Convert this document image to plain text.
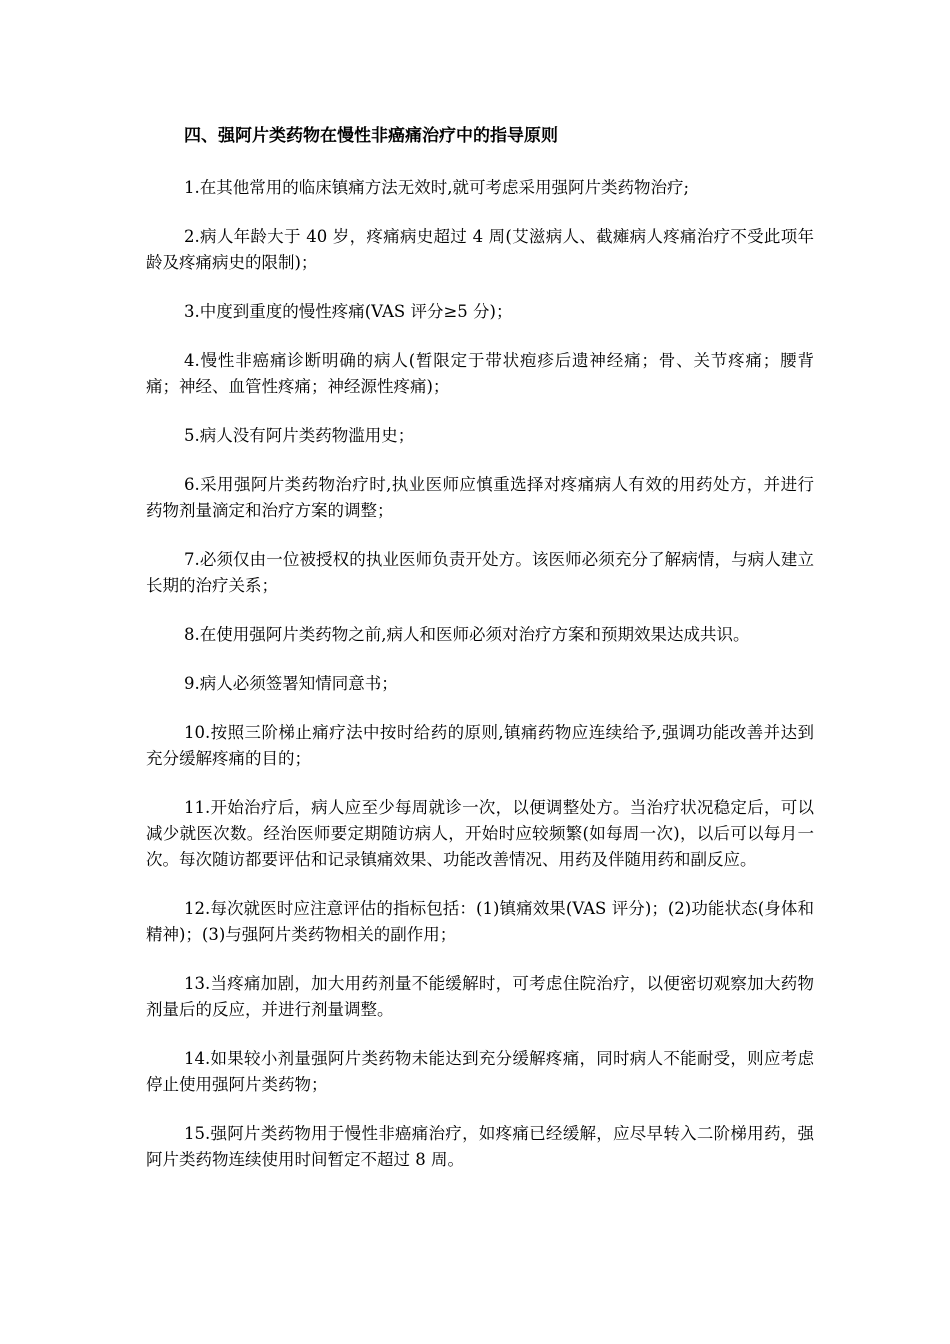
四、强阿片类药物在慢性非癌痛治疗中的指导原则

1.在其他常用的临床镇痛方法无效时,就可考虑采用强阿片类药物治疗;

2.病人年龄大于 40 岁，疼痛病史超过 4 周(艾滋病人、截瘫病人疼痛治疗不受此项年龄及疼痛病史的限制)；

3.中度到重度的慢性疼痛(VAS 评分≥5 分)；

4.慢性非癌痛诊断明确的病人(暂限定于带状疱疹后遗神经痛；骨、关节疼痛；腰背痛；神经、血管性疼痛；神经源性疼痛)；

5.病人没有阿片类药物滥用史；

6.采用强阿片类药物治疗时,执业医师应慎重选择对疼痛病人有效的用药处方，并进行药物剂量滴定和治疗方案的调整；

7.必须仅由一位被授权的执业医师负责开处方。该医师必须充分了解病情，与病人建立长期的治疗关系；

8.在使用强阿片类药物之前,病人和医师必须对治疗方案和预期效果达成共识。

9.病人必须签署知情同意书；

10.按照三阶梯止痛疗法中按时给药的原则,镇痛药物应连续给予,强调功能改善并达到充分缓解疼痛的目的；

11.开始治疗后，病人应至少每周就诊一次，以便调整处方。当治疗状况稳定后，可以减少就医次数。经治医师要定期随访病人，开始时应较频繁(如每周一次)，以后可以每月一次。每次随访都要评估和记录镇痛效果、功能改善情况、用药及伴随用药和副反应。

12.每次就医时应注意评估的指标包括：(1)镇痛效果(VAS 评分)；(2)功能状态(身体和精神)；(3)与强阿片类药物相关的副作用；

13.当疼痛加剧，加大用药剂量不能缓解时，可考虑住院治疗，以便密切观察加大药物剂量后的反应，并进行剂量调整。

14.如果较小剂量强阿片类药物未能达到充分缓解疼痛，同时病人不能耐受，则应考虑停止使用强阿片类药物；

15.强阿片类药物用于慢性非癌痛治疗，如疼痛已经缓解，应尽早转入二阶梯用药，强阿片类药物连续使用时间暂定不超过 8 周。
